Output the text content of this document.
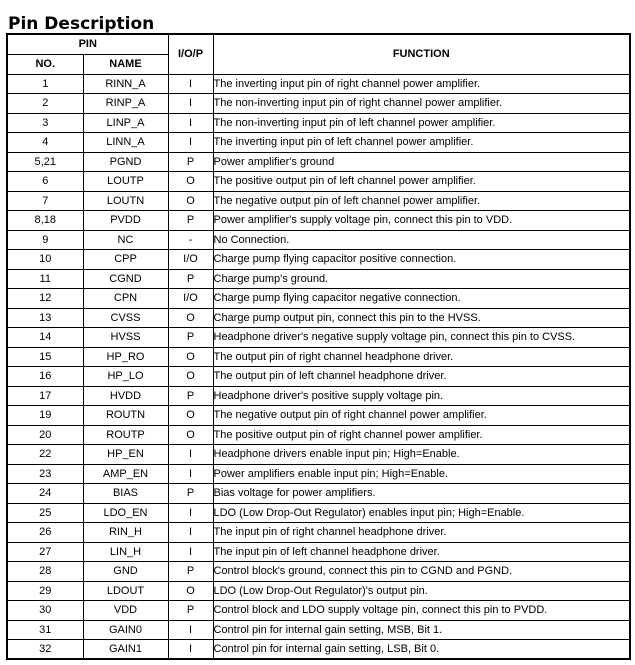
Pin Description
PIN		I/O/P	FUNCTION
NO.	NAME		
1	RINN_A	I	The inverting input pin of right channel power amplifier.
2	RINP_A	I	The non-inverting input pin of right channel power amplifier.
3	LINP_A	I	The non-inverting input pin of left channel power amplifier.
4	LINN_A	I	The inverting input pin of left channel power amplifier.
5,21	PGND	P	Power amplifier's ground
6	LOUTP	O	The positive output pin of left channel power amplifier.
7	LOUTN	O	The negative output pin of left channel power amplifier.
8,18	PVDD	P	Power amplifier's supply voltage pin, connect this pin to VDD.
9	NC	-	No Connection.
10	CPP	I/O	Charge pump flying capacitor positive connection.
11	CGND	P	Charge pump's ground.
12	CPN	I/O	Charge pump flying capacitor negative connection.
13	CVSS	O	Charge pump output pin, connect this pin to the HVSS.
14	HVSS	P	Headphone driver's negative supply voltage pin, connect this pin to CVSS.
15	HP_RO	O	The output pin of right channel headphone driver.
16	HP_LO	O	The output pin of left channel headphone driver.
17	HVDD	P	Headphone driver's positive supply voltage pin.
19	ROUTN	O	The negative output pin of right channel power amplifier.
20	ROUTP	O	The positive output pin of right channel power amplifier.
22	HP_EN	I	Headphone drivers enable input pin; High=Enable.
23	AMP_EN	I	Power amplifiers enable input pin; High=Enable.
24	BIAS	P	Bias voltage for power amplifiers.
25	LDO_EN	I	LDO (Low Drop-Out Regulator) enables input pin; High=Enable.
26	RIN_H	I	The input pin of right channel headphone driver.
27	LIN_H	I	The input pin of left channel headphone driver.
28	GND	P	Control block's ground, connect this pin to CGND and PGND.
29	LDOUT	O	LDO (Low Drop-Out Regulator)'s output pin.
30	VDD	P	Control block and LDO supply voltage pin, connect this pin to PVDD.
31	GAIN0	I	Control pin for internal gain setting, MSB, Bit 1.
32	GAIN1	I	Control pin for internal gain setting, LSB, Bit 0.
